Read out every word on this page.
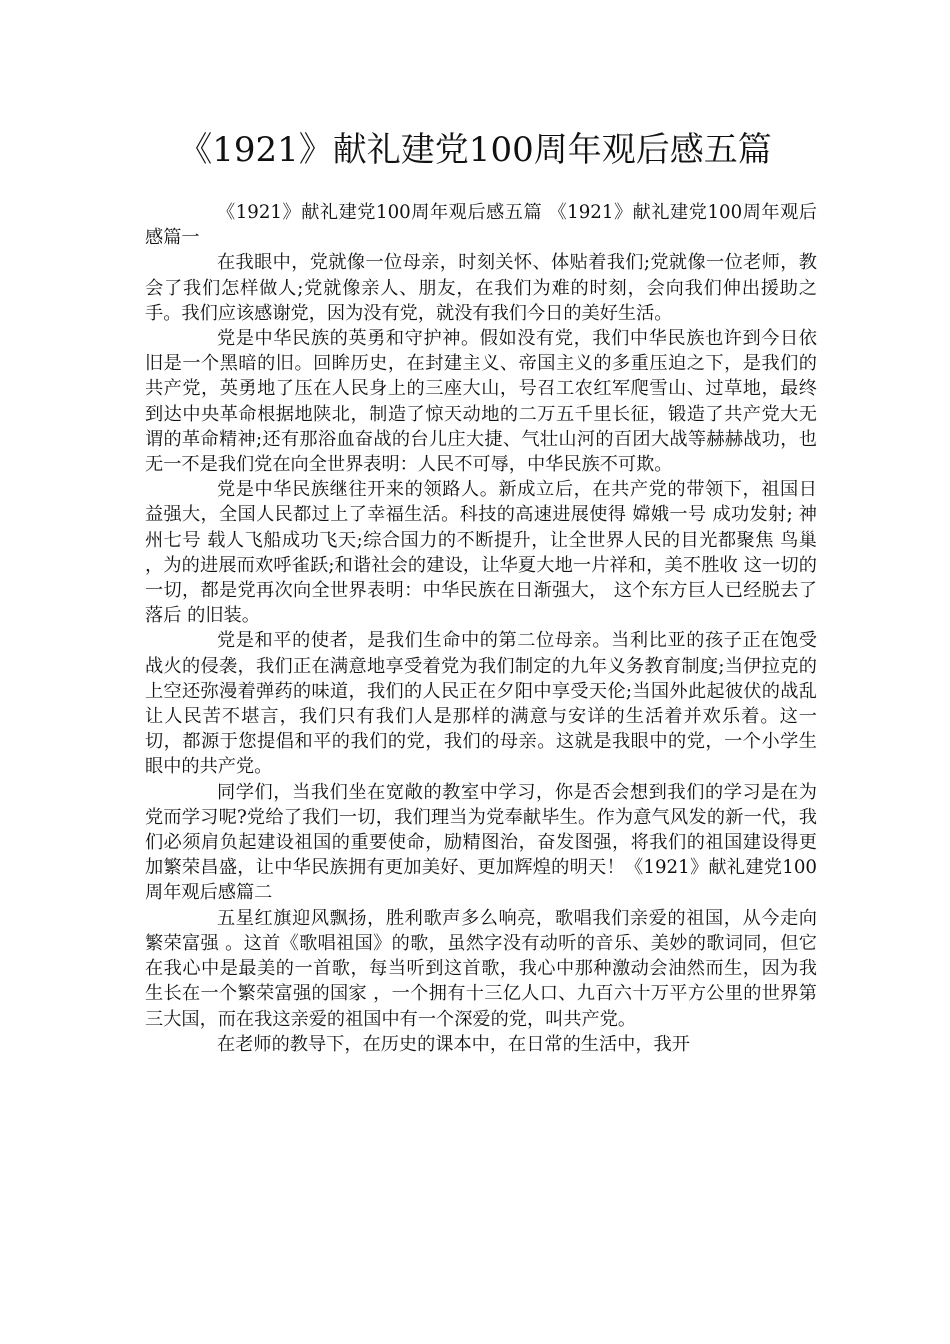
《1921》献礼建党100周年观后感五篇

《1921》献礼建党100周年观后感五篇 《1921》献礼建党100周年观后感篇一

在我眼中，党就像一位母亲，时刻关怀、体贴着我们;党就像一位老师，教会了我们怎样做人;党就像亲人、朋友，在我们为难的时刻，会向我们伸出援助之手。我们应该感谢党，因为没有党，就没有我们今日的美好生活。

党是中华民族的英勇和守护神。假如没有党，我们中华民族也许到今日依旧是一个黑暗的旧。回眸历史，在封建主义、帝国主义的多重压迫之下，是我们的共产党，英勇地了压在人民身上的三座大山，号召工农红军爬雪山、过草地，最终到达中央革命根据地陕北，制造了惊天动地的二万五千里长征，锻造了共产党大无谓的革命精神;还有那浴血奋战的台儿庄大捷、气壮山河的百团大战等赫赫战功，也无一不是我们党在向全世界表明：人民不可辱，中华民族不可欺。

党是中华民族继往开来的领路人。新成立后，在共产党的带领下，祖国日益强大，全国人民都过上了幸福生活。科技的高速进展使得 嫦娥一号 成功发射; 神州七号 载人飞船成功飞天;综合国力的不断提升，让全世界人民的目光都聚焦 鸟巢 ，为的进展而欢呼雀跃;和谐社会的建设，让华夏大地一片祥和，美不胜收 这一切的一切，都是党再次向全世界表明：中华民族在日渐强大， 这个东方巨人已经脱去了 落后 的旧装。

党是和平的使者，是我们生命中的第二位母亲。当利比亚的孩子正在饱受战火的侵袭，我们正在满意地享受着党为我们制定的九年义务教育制度;当伊拉克的上空还弥漫着弹药的味道，我们的人民正在夕阳中享受天伦;当国外此起彼伏的战乱让人民苦不堪言，我们只有我们人是那样的满意与安详的生活着并欢乐着。这一切，都源于您提倡和平的我们的党，我们的母亲。这就是我眼中的党，一个小学生眼中的共产党。

同学们，当我们坐在宽敞的教室中学习，你是否会想到我们的学习是在为党而学习呢?党给了我们一切，我们理当为党奉献毕生。作为意气风发的新一代，我们必须肩负起建设祖国的重要使命，励精图治，奋发图强，将我们的祖国建设得更加繁荣昌盛，让中华民族拥有更加美好、更加辉煌的明天！《1921》献礼建党100周年观后感篇二

五星红旗迎风飘扬，胜利歌声多么响亮，歌唱我们亲爱的祖国，从今走向繁荣富强 。这首《歌唱祖国》的歌，虽然字没有动听的音乐、美妙的歌词同，但它在我心中是最美的一首歌，每当听到这首歌，我心中那种激动会油然而生，因为我生长在一个繁荣富强的国家 ，一个拥有十三亿人口、九百六十万平方公里的世界第三大国，而在我这亲爱的祖国中有一个深爱的党，叫共产党。

在老师的教导下，在历史的课本中，在日常的生活中，我开
